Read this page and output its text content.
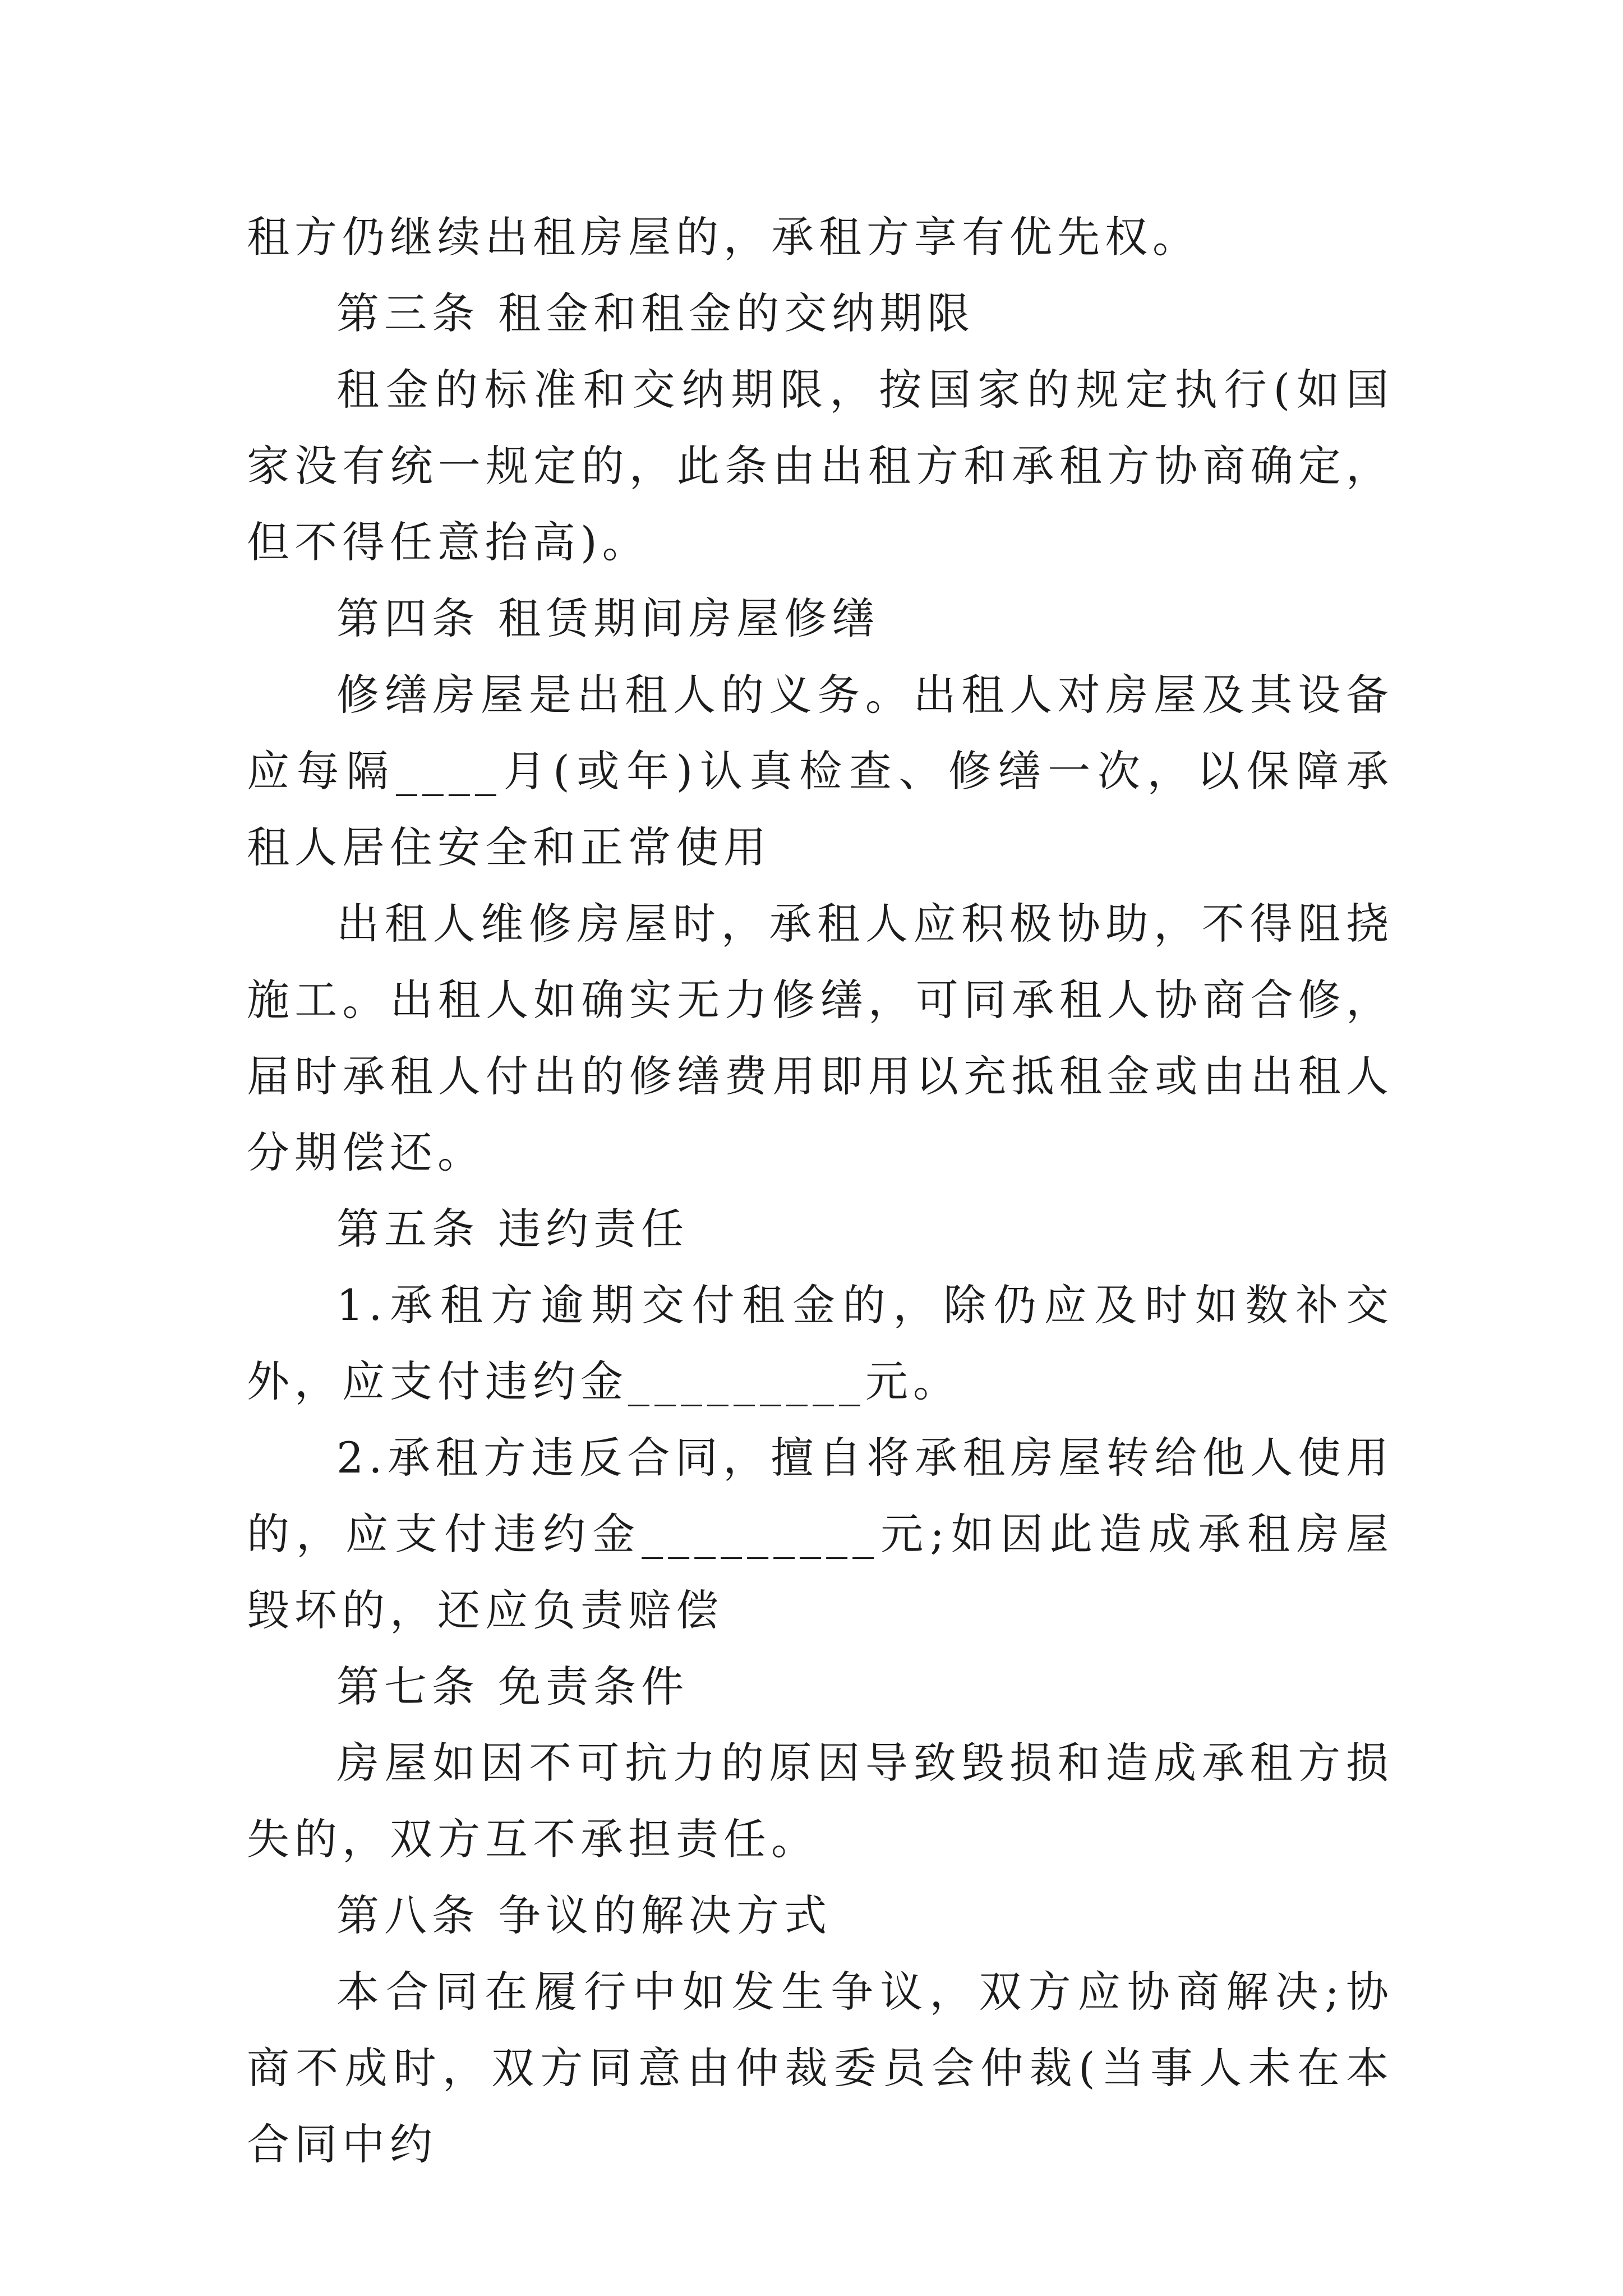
租方仍继续出租房屋的，承租方享有优先权。

第三条 租金和租金的交纳期限

租金的标准和交纳期限，按国家的规定执行(如国家没有统一规定的，此条由出租方和承租方协商确定，但不得任意抬高)。

第四条 租赁期间房屋修缮

修缮房屋是出租人的义务。出租人对房屋及其设备应每隔____月(或年)认真检查、修缮一次，以保障承租人居住安全和正常使用

出租人维修房屋时，承租人应积极协助，不得阻挠施工。出租人如确实无力修缮，可同承租人协商合修，届时承租人付出的修缮费用即用以充抵租金或由出租人分期偿还。

第五条 违约责任

1.承租方逾期交付租金的，除仍应及时如数补交外，应支付违约金_________元。

2.承租方违反合同，擅自将承租房屋转给他人使用的，应支付违约金_________元;如因此造成承租房屋毁坏的，还应负责赔偿

第七条 免责条件

房屋如因不可抗力的原因导致毁损和造成承租方损失的，双方互不承担责任。

第八条 争议的解决方式

本合同在履行中如发生争议，双方应协商解决;协商不成时，双方同意由仲裁委员会仲裁(当事人未在本合同中约
